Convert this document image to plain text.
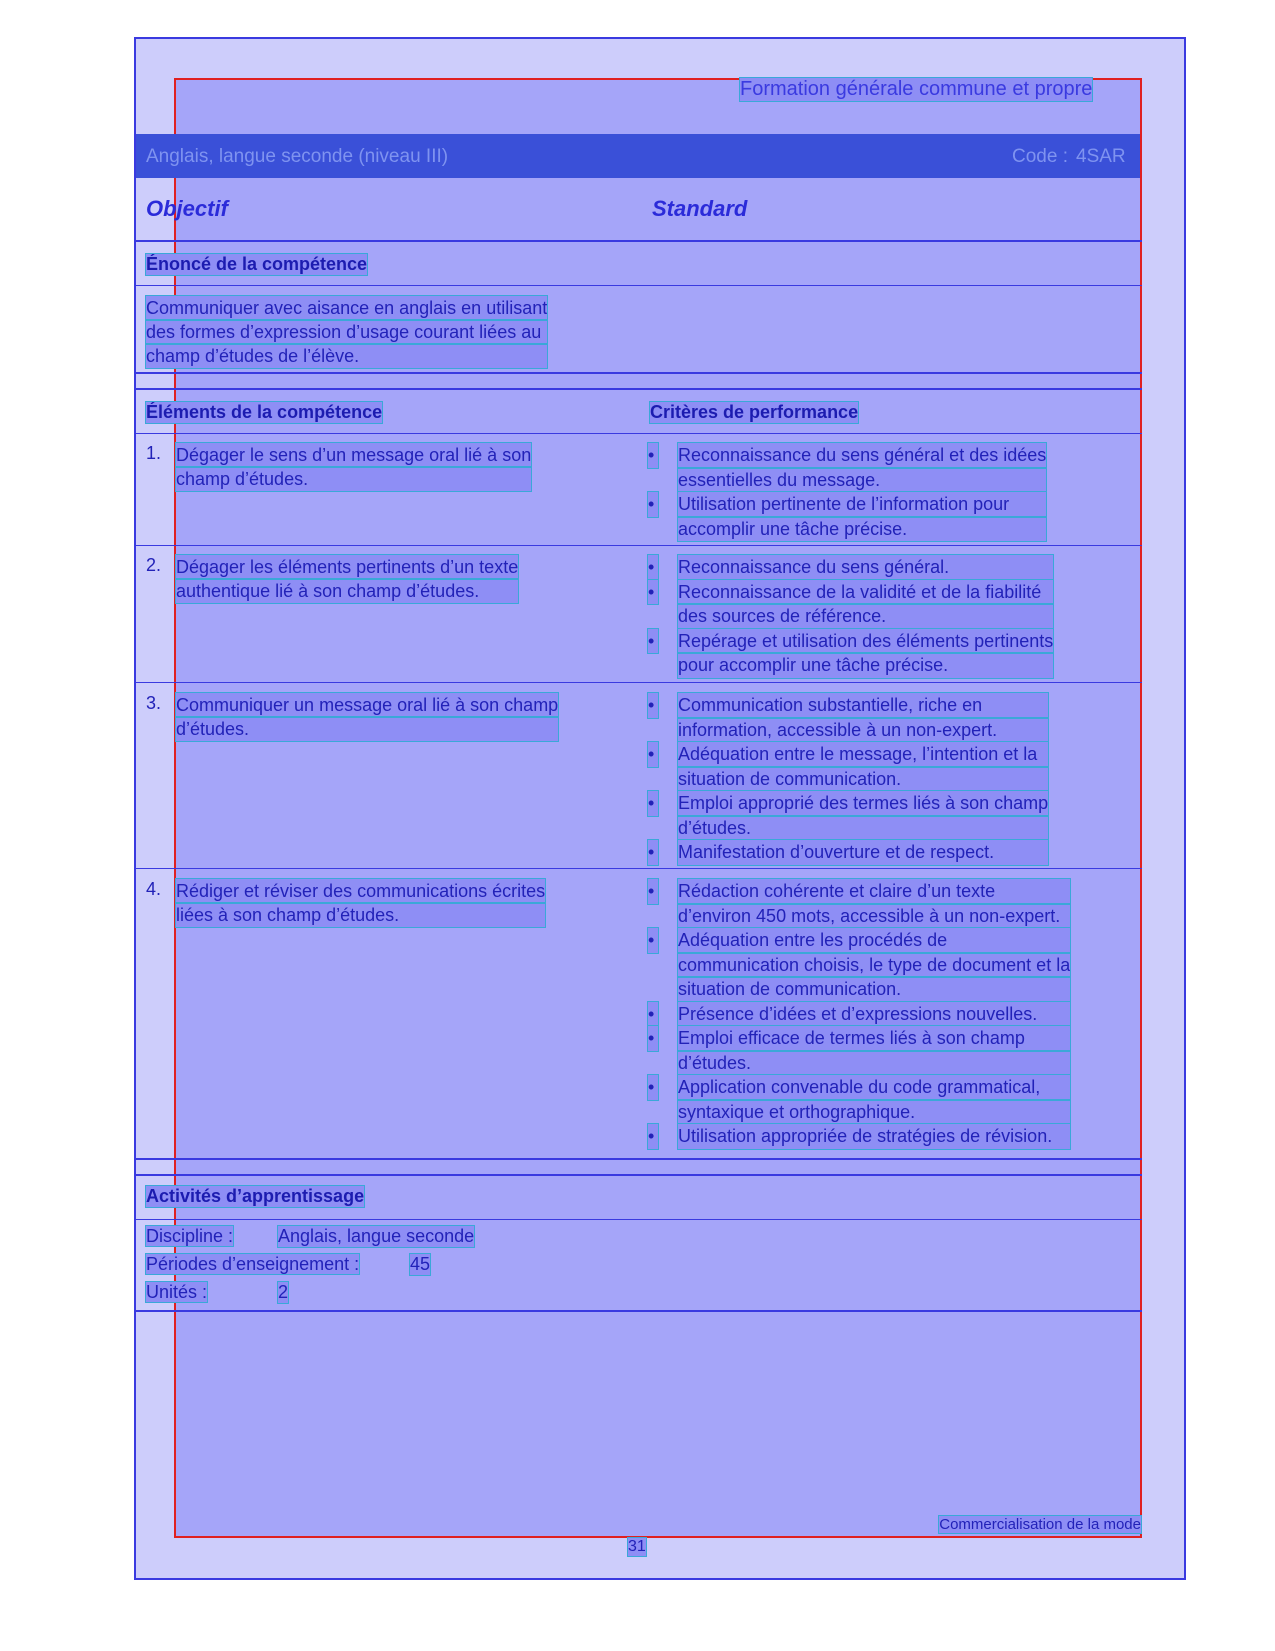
Formation générale commune et propre
Anglais, langue seconde (niveau III)	Code : 4SAR
Objectif	Standard
Énoncé de la compétence
Communiquer avec aisance en anglais en utilisant
des formes d’expression d’usage courant liées au
champ d’études de l’élève.
Éléments de la compétence	Critères de performance
1. Dégager le sens d’un message oral lié à son
champ d’études.
• Reconnaissance du sens général et des idées
essentielles du message.
• Utilisation pertinente de l’information pour
accomplir une tâche précise.
2. Dégager les éléments pertinents d’un texte
authentique lié à son champ d’études.
• Reconnaissance du sens général.
• Reconnaissance de la validité et de la fiabilité
des sources de référence.
• Repérage et utilisation des éléments pertinents
pour accomplir une tâche précise.
3. Communiquer un message oral lié à son champ
d’études.
• Communication substantielle, riche en
information, accessible à un non-expert.
• Adéquation entre le message, l’intention et la
situation de communication.
• Emploi approprié des termes liés à son champ
d’études.
• Manifestation d’ouverture et de respect.
4. Rédiger et réviser des communications écrites
liées à son champ d’études.
• Rédaction cohérente et claire d’un texte
d’environ 450 mots, accessible à un non-expert.
• Adéquation entre les procédés de
communication choisis, le type de document et la
situation de communication.
• Présence d’idées et d’expressions nouvelles.
• Emploi efficace de termes liés à son champ
d’études.
• Application convenable du code grammatical,
syntaxique et orthographique.
• Utilisation appropriée de stratégies de révision.
Activités d’apprentissage
Discipline : Anglais, langue seconde
Périodes d’enseignement :	45
Unités :	2
Commercialisation de la mode
31
